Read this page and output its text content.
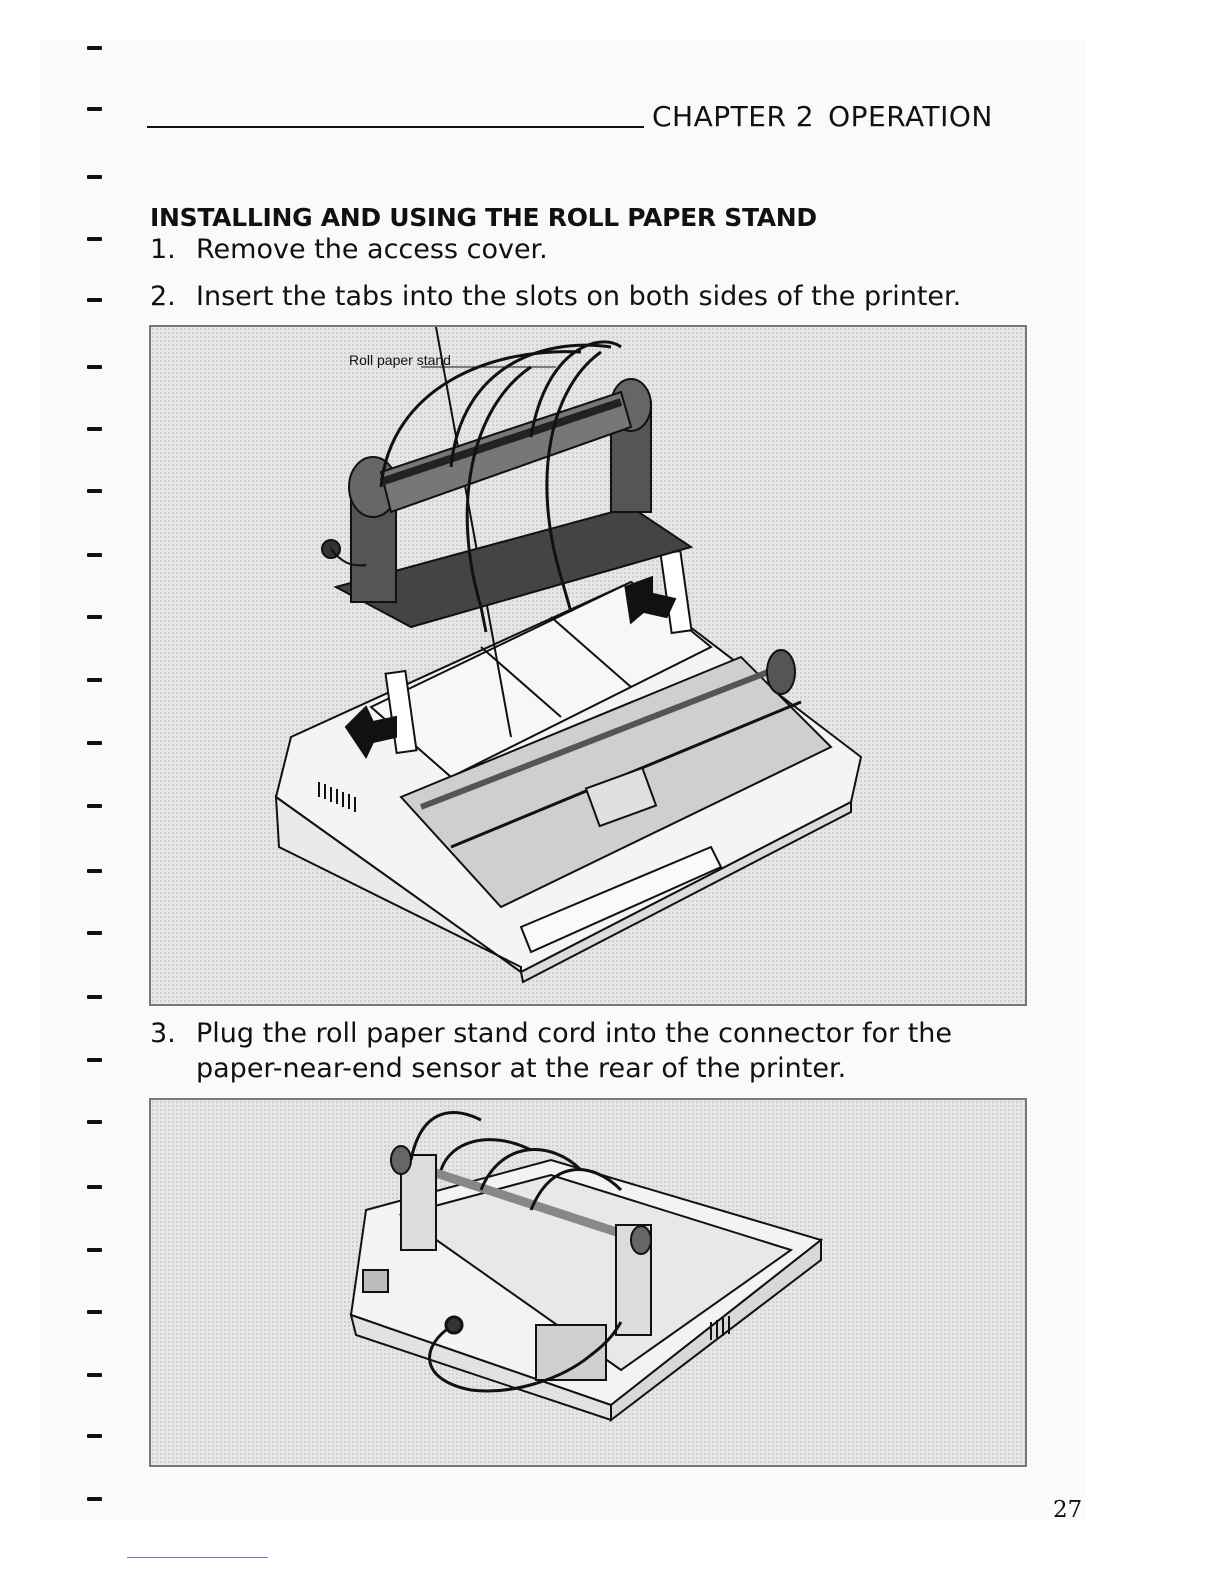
CHAPTER 2 OPERATION
INSTALLING AND USING THE ROLL PAPER STAND
1. Remove the access cover.
2. Insert the tabs into the slots on both sides of the printer.
Roll paper stand
3. Plug the roll paper stand cord into the connector for the
paper-near-end sensor at the rear of the printer.
27
